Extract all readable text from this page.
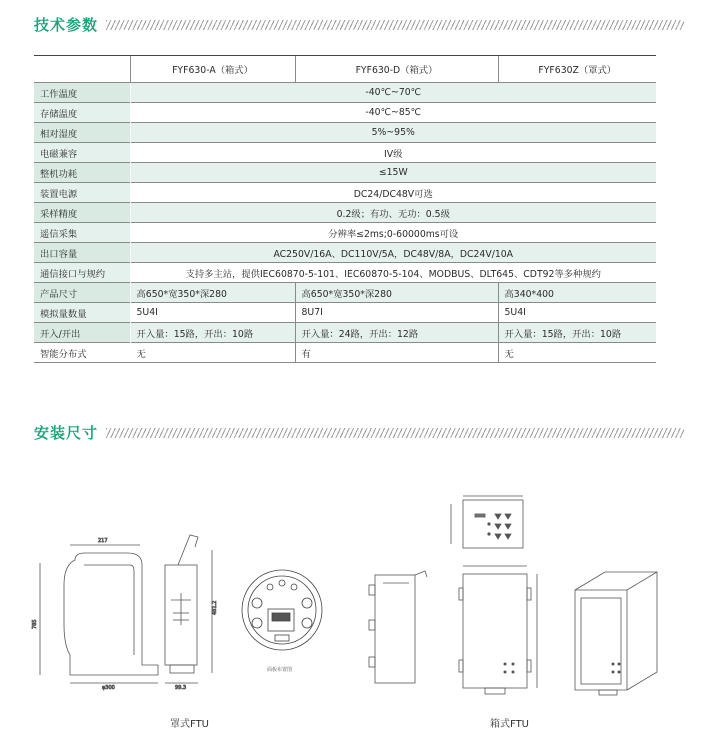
技术参数
	FYF630-A（箱式）	FYF630-D（箱式）	FYF630Z（罩式）
工作温度	-40℃~70℃		
存储温度	-40℃~85℃		
相对湿度	5%~95%		
电磁兼容	IV级		
整机功耗	≤15W		
装置电源	DC24/DC48V可选		
采样精度	0.2级；有功、无功：0.5级		
遥信采集	分辨率≤2ms;0-60000ms可设		
出口容量	AC250V/16A、DC110V/5A，DC48V/8A，DC24V/10A		
通信接口与规约	支持多主站，提供IEC60870-5-101、IEC60870-5-104、MODBUS、DLT645、CDT92等多种规约		
产品尺寸	高650*宽350*深280	高650*宽350*深280	高340*400
模拟量数量	5U4I	8U7I	5U4I
开入/开出	开入量：15路，开出：10路	开入量：24路，开出：12路	开入量：15路，开出：10路
智能分布式	无	有	无
安装尺寸
217
785
481.2
φ300	99.3
面板布置图
罩式FTU	箱式FTU
